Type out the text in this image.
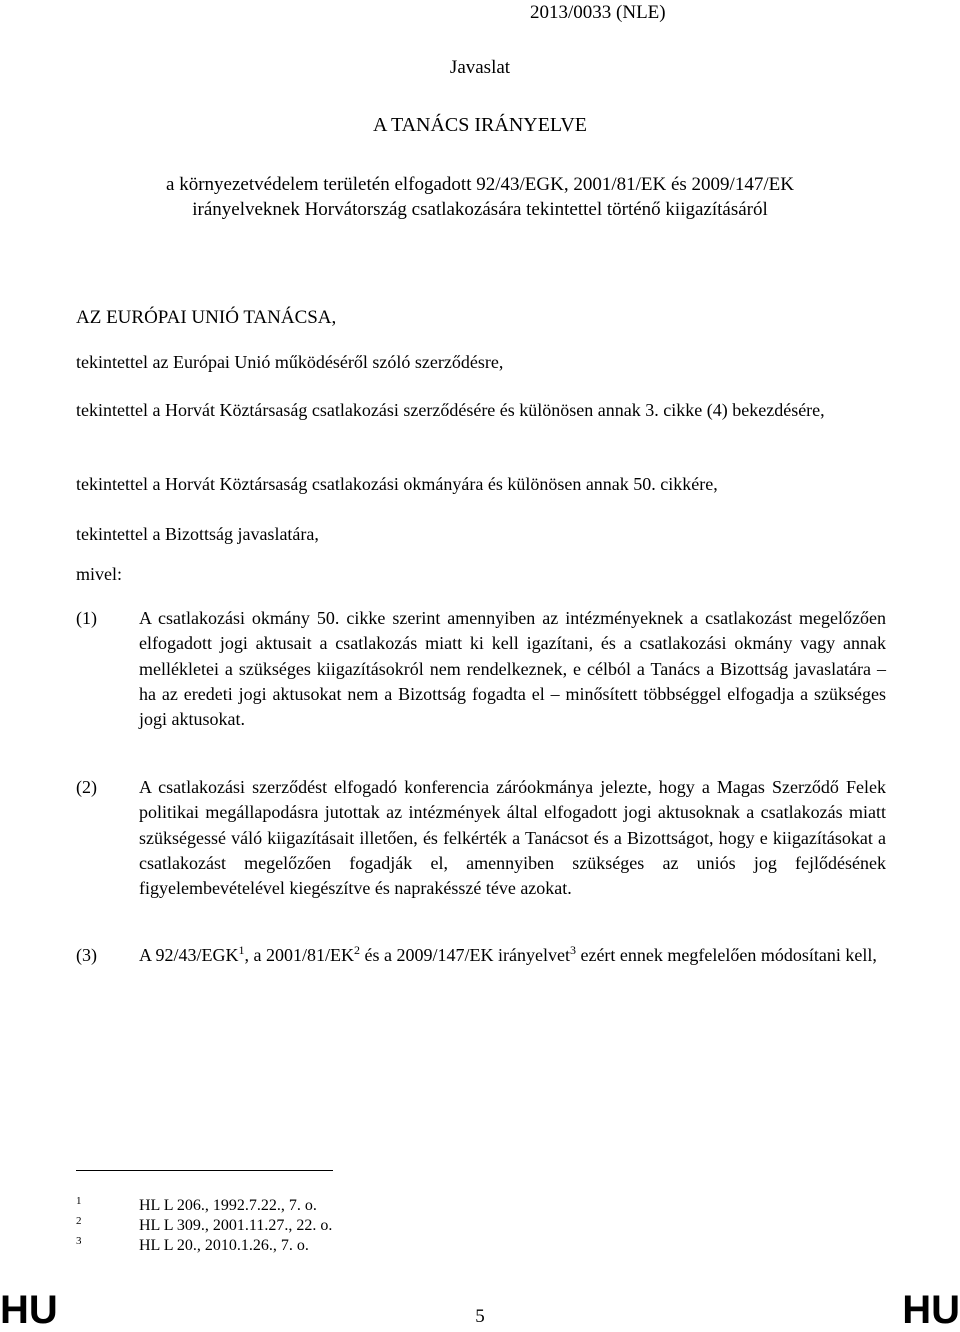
2013/0033 (NLE)
Javaslat
A TANÁCS IRÁNYELVE
a környezetvédelem területén elfogadott 92/43/EGK, 2001/81/EK és 2009/147/EK
irányelveknek Horvátország csatlakozására tekintettel történő kiigazításáról
AZ EURÓPAI UNIÓ TANÁCSA,
tekintettel az Európai Unió működéséről szóló szerződésre,
tekintettel a Horvát Köztársaság csatlakozási szerződésére és különösen annak 3. cikke (4) bekezdésére,
tekintettel a Horvát Köztársaság csatlakozási okmányára és különösen annak 50. cikkére,
tekintettel a Bizottság javaslatára,
mivel:
(1) A csatlakozási okmány 50. cikke szerint amennyiben az intézményeknek a csatlakozást megelőzően elfogadott jogi aktusait a csatlakozás miatt ki kell igazítani, és a csatlakozási okmány vagy annak mellékletei a szükséges kiigazításokról nem rendelkeznek, e célból a Tanács a Bizottság javaslatára – ha az eredeti jogi aktusokat nem a Bizottság fogadta el – minősített többséggel elfogadja a szükséges jogi aktusokat.
(2) A csatlakozási szerződést elfogadó konferencia záróokmánya jelezte, hogy a Magas Szerződő Felek politikai megállapodásra jutottak az intézmények által elfogadott jogi aktusoknak a csatlakozás miatt szükségessé váló kiigazításait illetően, és felkérték a Tanácsot és a Bizottságot, hogy e kiigazításokat a csatlakozást megelőzően fogadják el, amennyiben szükséges az uniós jog fejlődésének figyelembevételével kiegészítve és naprakésszé téve azokat.
(3) A 92/43/EGK$^1$, a $2001/81/EK^2$ és a 2009/147/EK irányelvet$^3$ ezért ennek megfelelően módosítani kell,
1	HL L 206., 1992.7.22., 7. o.
2	HL L 309., 2001.11.27., 22. o.
3	HL L 20., 2010.1.26., 7. o.
HU	5	HU
